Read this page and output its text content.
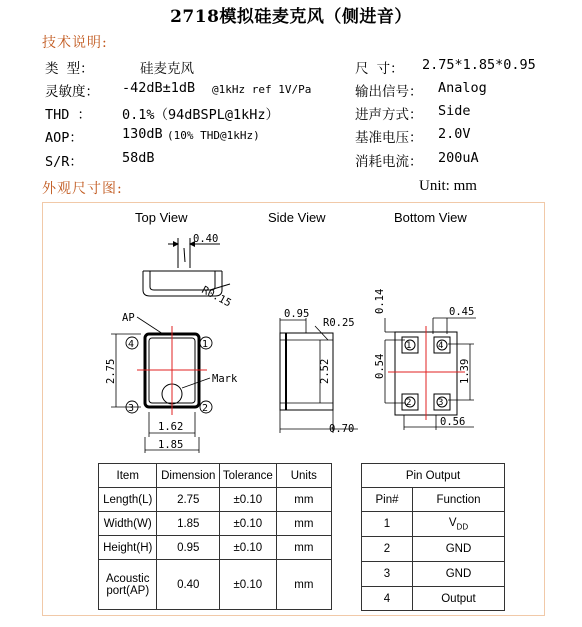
2718模拟硅麦克风（侧进音）
技术说明:
类 型：	硅麦克风
灵敏度： -42dB±1dB @1kHz ref 1V/Pa
THD ： 0.1%（94dBSPL@1kHz）
AOP：	130dB (10% THD@1kHz)
S/R：	58dB
尺 寸： 2.75*1.85*0.95
输出信号： Analog
进声方式： Side
基准电压： 2.0V
消耗电流： 200uA
外观尺寸图:	Unit: mm
Top View	Side View	Bottom View
0.40
R0.15
1
2
3
4
AP
Mark
2.75
1.62
1.85
0.95
R0.25
2.52
0.70
1	4
2	3
0.14	0.45
0.54	1.39
0.56
Item	Dimension	Tolerance	Units
Length(L)	2.75	±0.10	mm
Width(W)	1.85	±0.10	mm
Height(H)	0.95	±0.10	mm
Acoustic
port(AP)	0.40	±0.10	mm
Pin Output	
Pin#	Function
1	$V_{DD}$
2	GND
3	GND
4	Output
